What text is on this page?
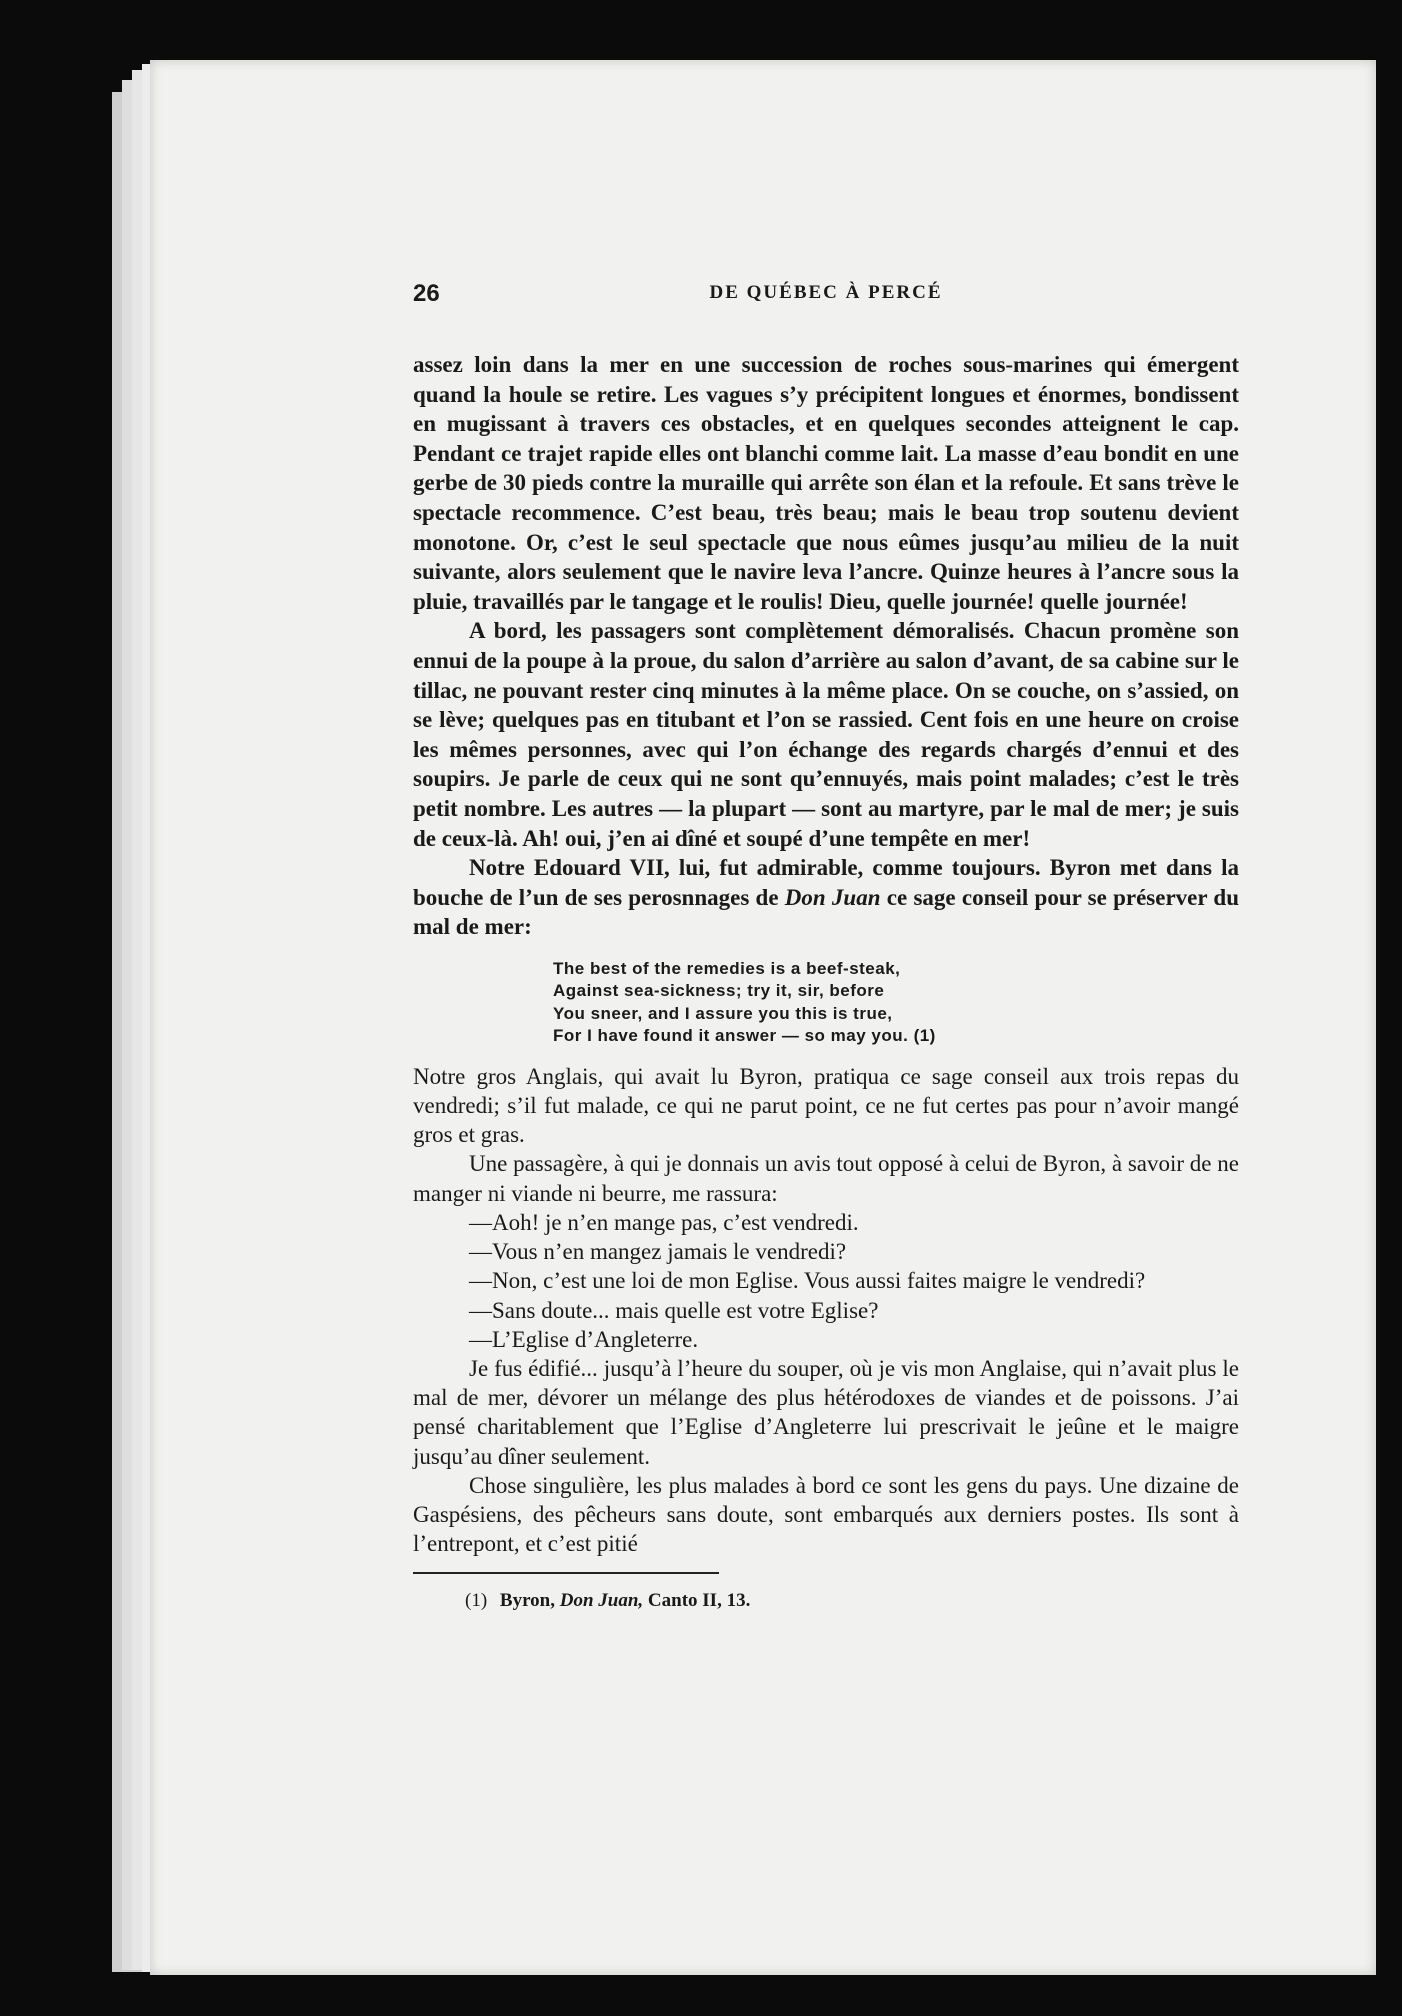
26	DE QUÉBEC À PERCÉ

assez loin dans la mer en une succession de roches sous-marines qui émergent quand la houle se retire. Les vagues s’y précipitent longues et énormes, bondissent en mugissant à travers ces obstacles, et en quelques secondes atteignent le cap. Pendant ce trajet rapide elles ont blanchi comme lait. La masse d’eau bondit en une gerbe de 30 pieds contre la muraille qui arrête son élan et la refoule. Et sans trève le spectacle recommence. C’est beau, très beau; mais le beau trop soutenu devient monotone. Or, c’est le seul spectacle que nous eûmes jusqu’au milieu de la nuit suivante, alors seulement que le navire leva l’ancre. Quinze heures à l’ancre sous la pluie, travaillés par le tangage et le roulis! Dieu, quelle journée! quelle journée!

A bord, les passagers sont complètement démoralisés. Chacun promène son ennui de la poupe à la proue, du salon d’arrière au salon d’avant, de sa cabine sur le tillac, ne pouvant rester cinq minutes à la même place. On se couche, on s’assied, on se lève; quelques pas en titubant et l’on se rassied. Cent fois en une heure on croise les mêmes personnes, avec qui l’on échange des regards chargés d’ennui et des soupirs. Je parle de ceux qui ne sont qu’ennuyés, mais point malades; c’est le très petit nombre. Les autres — la plupart — sont au martyre, par le mal de mer; je suis de ceux-là. Ah! oui, j’en ai dîné et soupé d’une tempête en mer!

Notre Edouard VII, lui, fut admirable, comme toujours. Byron met dans la bouche de l’un de ses perosnnages de Don Juan ce sage conseil pour se préserver du mal de mer:

The best of the remedies is a beef-steak,
Against sea-sickness; try it, sir, before
You sneer, and I assure you this is true,
For I have found it answer — so may you. (1)

Notre gros Anglais, qui avait lu Byron, pratiqua ce sage conseil aux trois repas du vendredi; s’il fut malade, ce qui ne parut point, ce ne fut certes pas pour n’avoir mangé gros et gras.

Une passagère, à qui je donnais un avis tout opposé à celui de Byron, à savoir de ne manger ni viande ni beurre, me rassura:

—Aoh! je n’en mange pas, c’est vendredi.

—Vous n’en mangez jamais le vendredi?

—Non, c’est une loi de mon Eglise. Vous aussi faites maigre le vendredi?

—Sans doute... mais quelle est votre Eglise?

—L’Eglise d’Angleterre.

Je fus édifié... jusqu’à l’heure du souper, où je vis mon Anglaise, qui n’avait plus le mal de mer, dévorer un mélange des plus hétérodoxes de viandes et de poissons. J’ai pensé charitablement que l’Eglise d’Angleterre lui prescrivait le jeûne et le maigre jusqu’au dîner seulement.

Chose singulière, les plus malades à bord ce sont les gens du pays. Une dizaine de Gaspésiens, des pêcheurs sans doute, sont embarqués aux derniers postes. Ils sont à l’entrepont, et c’est pitié

(1) Byron, Don Juan, Canto II, 13.
